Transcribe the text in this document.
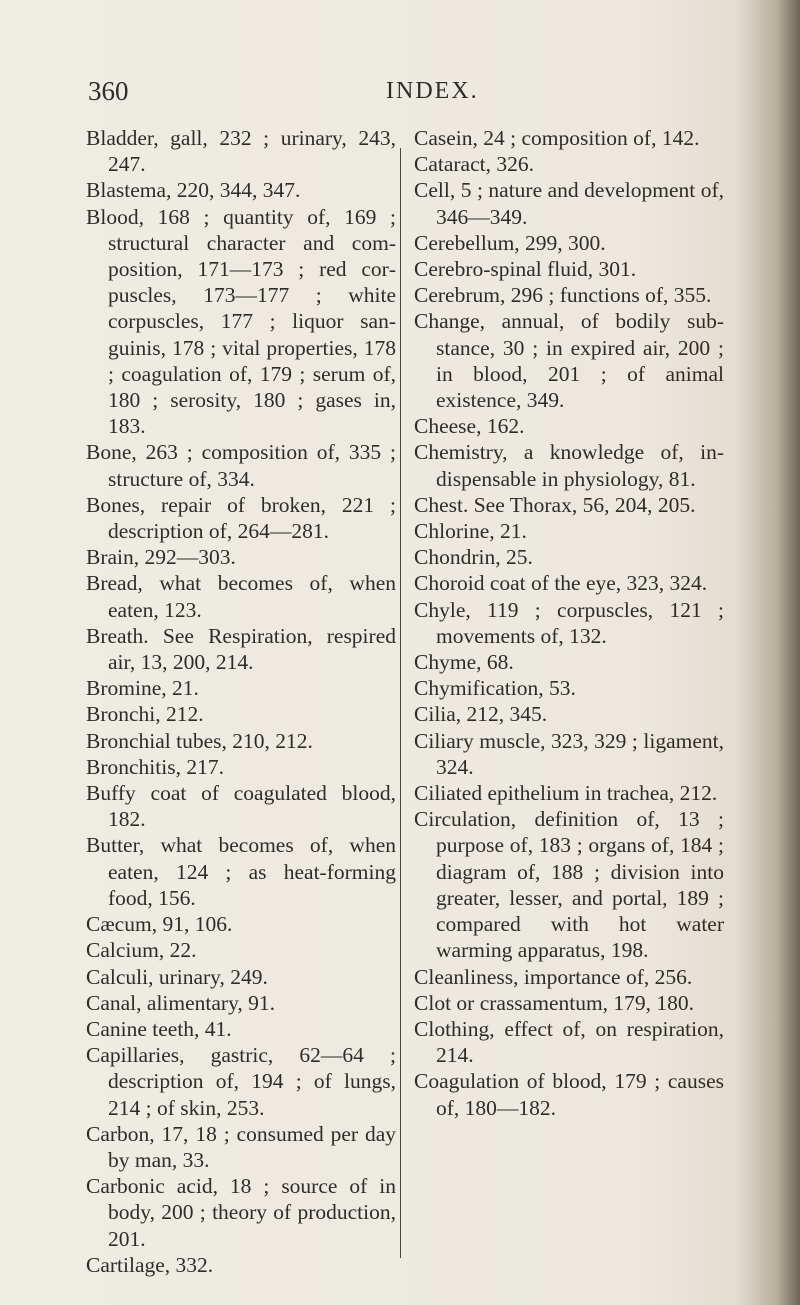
360	INDEX.

Bladder, gall, 232 ; urinary, 243, 247.

Blastema, 220, 344, 347.

Blood, 168 ; quantity of, 169 ; structural character and composition, 171—173 ; red corpuscles, 173—177 ; white corpuscles, 177 ; liquor sanguinis, 178 ; vital properties, 178 ; coagulation of, 179 ; serum of, 180 ; serosity, 180 ; gases in, 183.

Bone, 263 ; composition of, 335 ; structure of, 334.

Bones, repair of broken, 221 ; description of, 264—281.

Brain, 292—303.

Bread, what becomes of, when eaten, 123.

Breath. See Respiration, respired air, 13, 200, 214.

Bromine, 21.

Bronchi, 212.

Bronchial tubes, 210, 212.

Bronchitis, 217.

Buffy coat of coagulated blood, 182.

Butter, what becomes of, when eaten, 124 ; as heat-forming food, 156.

Cæcum, 91, 106.

Calcium, 22.

Calculi, urinary, 249.

Canal, alimentary, 91.

Canine teeth, 41.

Capillaries, gastric, 62—64 ; description of, 194 ; of lungs, 214 ; of skin, 253.

Carbon, 17, 18 ; consumed per day by man, 33.

Carbonic acid, 18 ; source of in body, 200 ; theory of production, 201.

Cartilage, 332.

Casein, 24 ; composition of, 142.

Cataract, 326.

Cell, 5 ; nature and development of, 346—349.

Cerebellum, 299, 300.

Cerebro-spinal fluid, 301.

Cerebrum, 296 ; functions of, 355.

Change, annual, of bodily substance, 30 ; in expired air, 200 ; in blood, 201 ; of animal existence, 349.

Cheese, 162.

Chemistry, a knowledge of, indispensable in physiology, 81.

Chest. See Thorax, 56, 204, 205.

Chlorine, 21.

Chondrin, 25.

Choroid coat of the eye, 323, 324.

Chyle, 119 ; corpuscles, 121 ; movements of, 132.

Chyme, 68.

Chymification, 53.

Cilia, 212, 345.

Ciliary muscle, 323, 329 ; ligament, 324.

Ciliated epithelium in trachea, 212.

Circulation, definition of, 13 ; purpose of, 183 ; organs of, 184 ; diagram of, 188 ; division into greater, lesser, and portal, 189 ; compared with hot water warming apparatus, 198.

Cleanliness, importance of, 256.

Clot or crassamentum, 179, 180.

Clothing, effect of, on respiration, 214.

Coagulation of blood, 179 ; causes of, 180—182.
